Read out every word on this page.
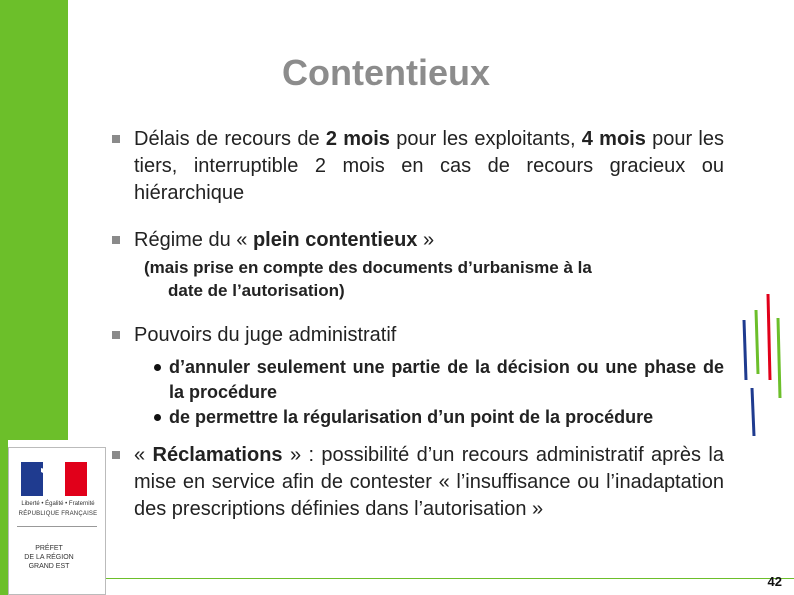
Contentieux
Délais de recours de 2 mois pour les exploitants, 4 mois pour les tiers, interruptible 2 mois en cas de recours gracieux ou hiérarchique
Régime du « plein contentieux »
(mais prise en compte des documents d’urbanisme à la
date de l’autorisation)
Pouvoirs du juge administratif
d’annuler seulement une partie de la décision ou une phase de la procédure
de permettre la régularisation d’un point de la procédure
« Réclamations » : possibilité d’un recours administratif après la mise en service afin de contester « l’insuffisance ou l’inadaptation des prescriptions définies dans l’autorisation »
Liberté • Égalité • Fraternité
RÉPUBLIQUE FRANÇAISE
PRÉFET
DE LA RÉGION
GRAND EST
42
